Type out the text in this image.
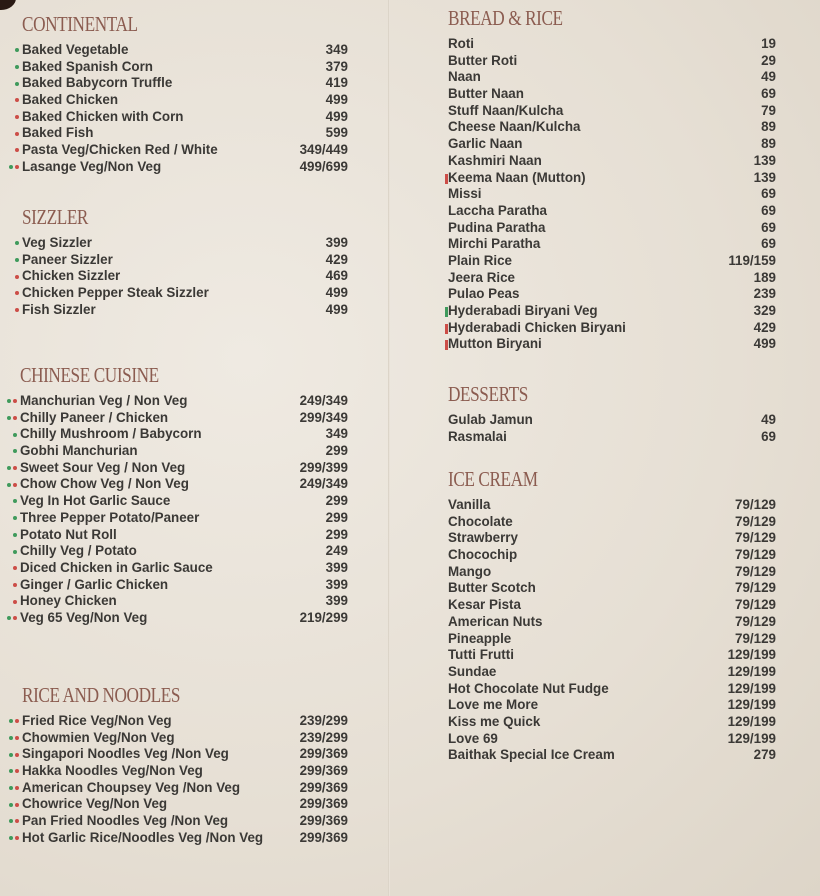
CONTINENTAL
Baked Vegetable	349
Baked Spanish Corn	379
Baked Babycorn Truffle	419
Baked Chicken	499
Baked Chicken with Corn	499
Baked Fish	599
Pasta Veg/Chicken Red / White	349/449
Lasange Veg/Non Veg	499/699
SIZZLER
Veg Sizzler	399
Paneer Sizzler	429
Chicken Sizzler	469
Chicken Pepper Steak Sizzler	499
Fish Sizzler	499
CHINESE CUISINE
Manchurian Veg / Non Veg	249/349
Chilly Paneer / Chicken	299/349
Chilly Mushroom / Babycorn	349
Gobhi Manchurian	299
Sweet Sour Veg / Non Veg	299/399
Chow Chow Veg / Non Veg	249/349
Veg In Hot Garlic Sauce	299
Three Pepper Potato/Paneer	299
Potato Nut Roll	299
Chilly Veg / Potato	249
Diced Chicken in Garlic Sauce	399
Ginger / Garlic Chicken	399
Honey Chicken	399
Veg 65 Veg/Non Veg	219/299
RICE AND NOODLES
Fried Rice Veg/Non Veg	239/299
Chowmien Veg/Non Veg	239/299
Singapori Noodles Veg /Non Veg	299/369
Hakka Noodles Veg/Non Veg	299/369
American Choupsey Veg /Non Veg	299/369
Chowrice Veg/Non Veg	299/369
Pan Fried Noodles Veg /Non Veg	299/369
Hot Garlic Rice/Noodles Veg /Non Veg	299/369
BREAD & RICE
Roti	19
Butter Roti	29
Naan	49
Butter Naan	69
Stuff Naan/Kulcha	79
Cheese Naan/Kulcha	89
Garlic Naan	89
Kashmiri Naan	139
Keema Naan (Mutton)	139
Missi	69
Laccha Paratha	69
Pudina Paratha	69
Mirchi Paratha	69
Plain Rice	119/159
Jeera Rice	189
Pulao Peas	239
Hyderabadi Biryani Veg	329
Hyderabadi Chicken Biryani	429
Mutton Biryani	499
DESSERTS
Gulab Jamun	49
Rasmalai	69
ICE CREAM
Vanilla	79/129
Chocolate	79/129
Strawberry	79/129
Chocochip	79/129
Mango	79/129
Butter Scotch	79/129
Kesar Pista	79/129
American Nuts	79/129
Pineapple	79/129
Tutti Frutti	129/199
Sundae	129/199
Hot Chocolate Nut Fudge	129/199
Love me More	129/199
Kiss me Quick	129/199
Love 69	129/199
Baithak Special Ice Cream	279
